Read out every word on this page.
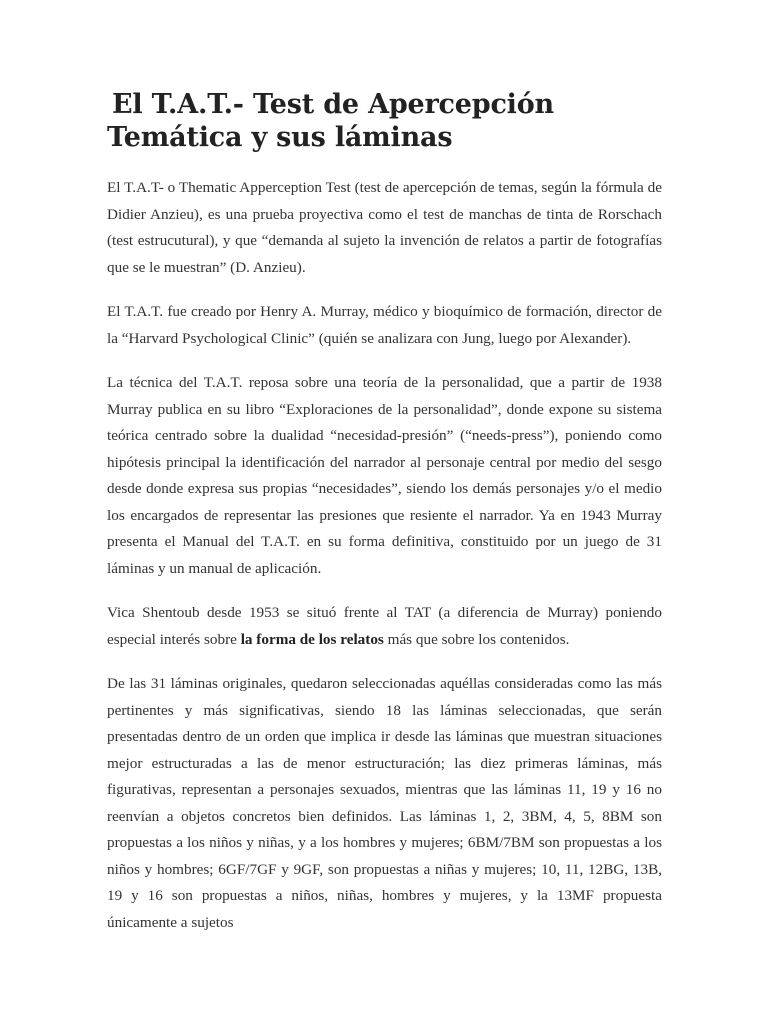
El T.A.T.- Test de Apercepción
Temática y sus láminas

El T.A.T- o Thematic Apperception Test (test de apercepción de temas, según la fórmula de Didier Anzieu), es una prueba proyectiva como el test de manchas de tinta de Rorschach (test estrucutural), y que “demanda al sujeto la invención de relatos a partir de fotografías que se le muestran” (D. Anzieu).

El T.A.T. fue creado por Henry A. Murray, médico y bioquímico de formación, director de la “Harvard Psychological Clinic” (quién se analizara con Jung, luego por Alexander).

La técnica del T.A.T. reposa sobre una teoría de la personalidad, que a partir de 1938 Murray publica en su libro “Exploraciones de la personalidad”, donde expone su sistema teórica centrado sobre la dualidad “necesidad-presión” (“needs-press”), poniendo como hipótesis principal la identificación del narrador al personaje central por medio del sesgo desde donde expresa sus propias “necesidades”, siendo los demás personajes y/o el medio los encargados de representar las presiones que resiente el narrador. Ya en 1943 Murray presenta el Manual del T.A.T. en su forma definitiva, constituido por un juego de 31 láminas y un manual de aplicación.

Vica Shentoub desde 1953 se situó frente al TAT (a diferencia de Murray) poniendo especial interés sobre la forma de los relatos más que sobre los contenidos.

De las 31 láminas originales, quedaron seleccionadas aquéllas consideradas como las más pertinentes y más significativas, siendo 18 las láminas seleccionadas, que serán presentadas dentro de un orden que implica ir desde las láminas que muestran situaciones mejor estructuradas a las de menor estructuración; las diez primeras láminas, más figurativas, representan a personajes sexuados, mientras que las láminas 11, 19 y 16 no reenvían a objetos concretos bien definidos. Las láminas 1, 2, 3BM, 4, 5, 8BM son propuestas a los niños y niñas, y a los hombres y mujeres; 6BM/7BM son propuestas a los niños y hombres; 6GF/7GF y 9GF, son propuestas a niñas y mujeres; 10, 11, 12BG, 13B, 19 y 16 son propuestas a niños, niñas, hombres y mujeres, y la 13MF propuesta únicamente a sujetos
